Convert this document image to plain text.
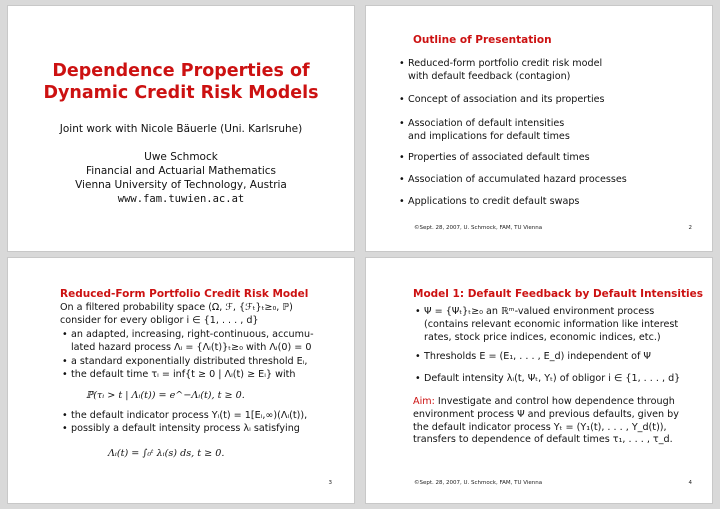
Dependence Properties of
Dynamic Credit Risk Models
Joint work with Nicole Bäuerle (Uni. Karlsruhe)
Uwe Schmock
Financial and Actuarial Mathematics
Vienna University of Technology, Austria
www.fam.tuwien.ac.at
Outline of Presentation
• Reduced-form portfolio credit risk model
with default feedback (contagion)
• Concept of association and its properties
• Association of default intensities
and implications for default times
• Properties of associated default times
• Association of accumulated hazard processes
• Applications to credit default swaps
©Sept. 28, 2007, U. Schmock, FAM, TU Vienna	2
Reduced-Form Portfolio Credit Risk Model
On a filtered probability space (Ω, ℱ, {ℱₜ}ₜ≥₀, ℙ)
consider for every obligor i ∈ {1, . . . , d}
• an adapted, increasing, right-continuous, accumu-
lated hazard process Λᵢ = {Λᵢ(t)}ₜ≥₀ with Λᵢ(0) = 0
• a standard exponentially distributed threshold Eᵢ,
• the default time τᵢ = inf{t ≥ 0 | Λᵢ(t) ≥ Eᵢ} with
ℙ(τᵢ > t | Λᵢ(t)) = e^−Λᵢ(t), t ≥ 0.
• the default indicator process Yᵢ(t) = 1[Eᵢ,∞)(Λᵢ(t)),
• possibly a default intensity process λᵢ satisfying
Λᵢ(t) = ∫₀ᵗ λᵢ(s) ds, t ≥ 0.
3
Model 1: Default Feedback by Default Intensities
• Ψ = {Ψₜ}ₜ≥₀ an ℝᵐ-valued environment process
(contains relevant economic information like interest
rates, stock price indices, economic indices, etc.)
• Thresholds E = (E₁, . . . , E_d) independent of Ψ
• Default intensity λᵢ(t, Ψₜ, Yₜ) of obligor i ∈ {1, . . . , d}
Aim: Investigate and control how dependence through
environment process Ψ and previous defaults, given by
the default indicator process Yₜ = (Y₁(t), . . . , Y_d(t)),
transfers to dependence of default times τ₁, . . . , τ_d.
©Sept. 28, 2007, U. Schmock, FAM, TU Vienna	4
